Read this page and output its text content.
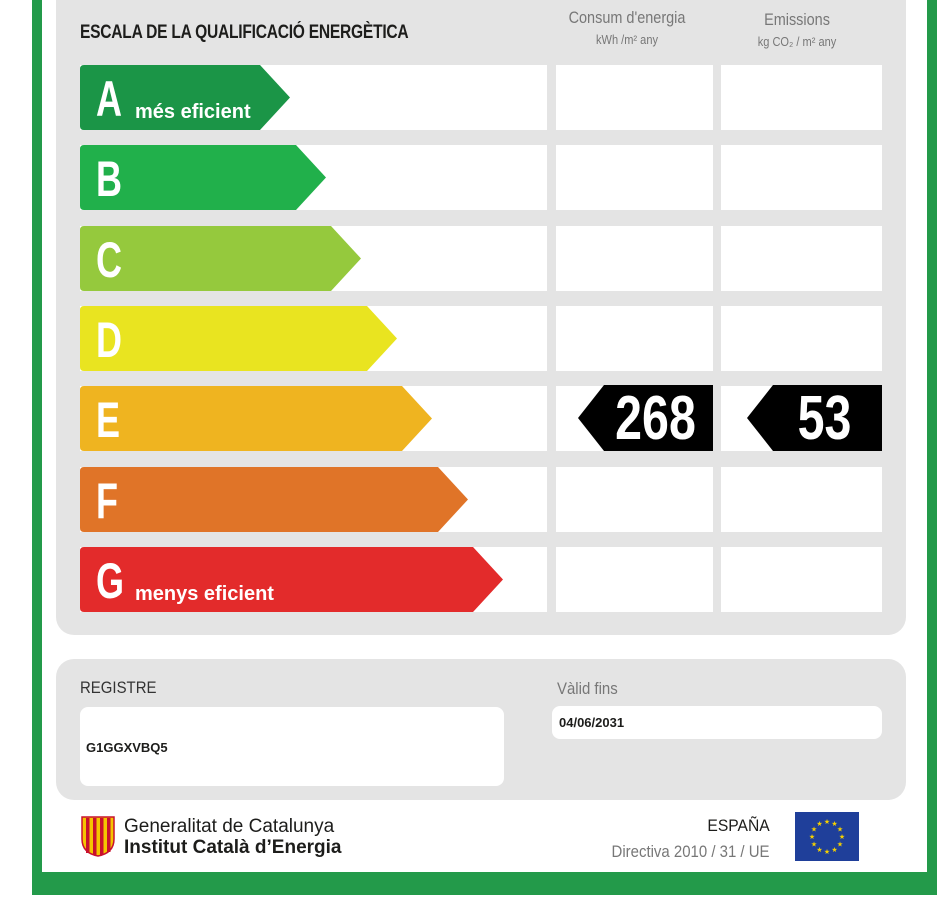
ESCALA DE LA QUALIFICACIÓ ENERGÈTICA
Consum d'energia
kWh /m² any
Emissions
kg CO₂ / m² any
A més eficient
B
C
D
E	268 53
F
G menys eficient
REGISTRE
G1GGXVBQ5
Vàlid fins
04/06/2031
Generalitat de Catalunya
Institut Català d’Energia
ESPAÑA
Directiva 2010 / 31 / UE
★
★
★
★
★
★
★
★
★ ★ ★
★
